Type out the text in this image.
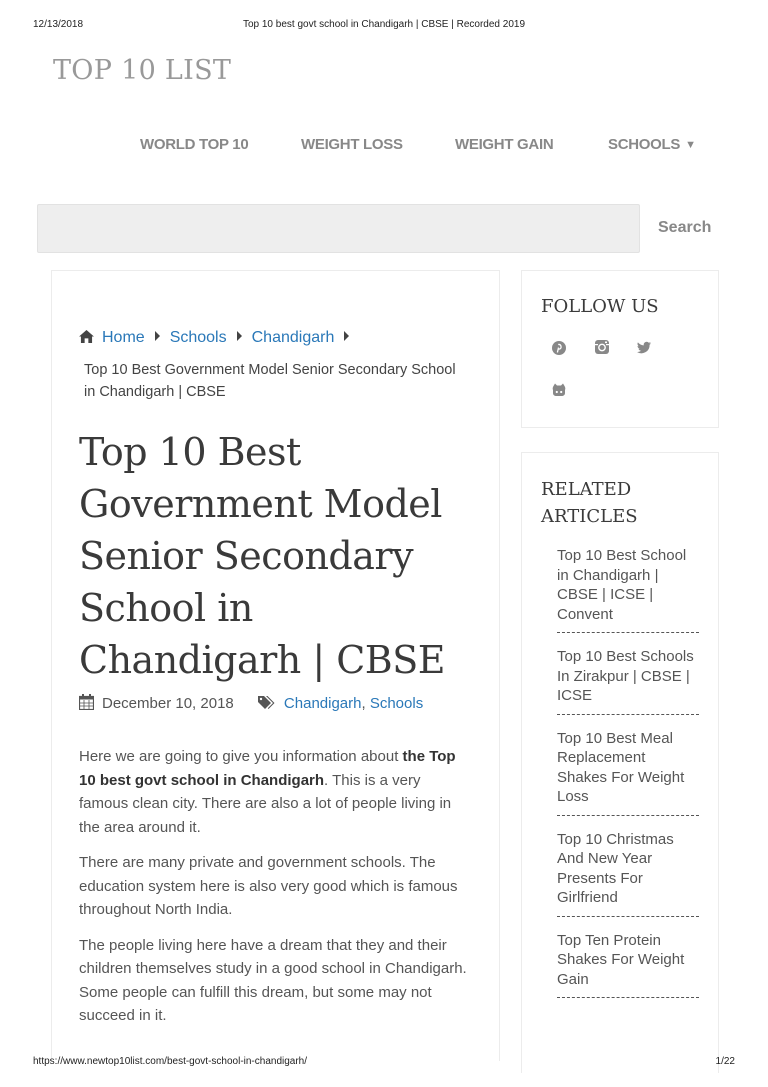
12/13/2018	Top 10 best govt school in Chandigarh | CBSE | Recorded 2019
TOP 10 LIST
WORLD TOP 10	WEIGHT LOSS	WEIGHT GAIN	SCHOOLS ▼
Search
Home Schools Chandigarh
Top 10 Best Government Model Senior Secondary School in Chandigarh | CBSE
Top 10 Best Government Model Senior Secondary School in Chandigarh | CBSE
December 10, 2018	Chandigarh, Schools

Here we are going to give you information about the Top 10 best govt school in Chandigarh. This is a very famous clean city. There are also a lot of people living in the area around it.

There are many private and government schools. The education system here is also very good which is famous throughout North India.

The people living here have a dream that they and their children themselves study in a good school in Chandigarh. Some people can fulfill this dream, but some may not succeed in it.

FOLLOW US
RELATED ARTICLES
Top 10 Best School in Chandigarh | CBSE | ICSE | Convent
Top 10 Best Schools In Zirakpur | CBSE | ICSE
Top 10 Best Meal Replacement Shakes For Weight Loss
Top 10 Christmas And New Year Presents For Girlfriend
Top Ten Protein Shakes For Weight Gain
https://www.newtop10list.com/best-govt-school-in-chandigarh/	1/22
